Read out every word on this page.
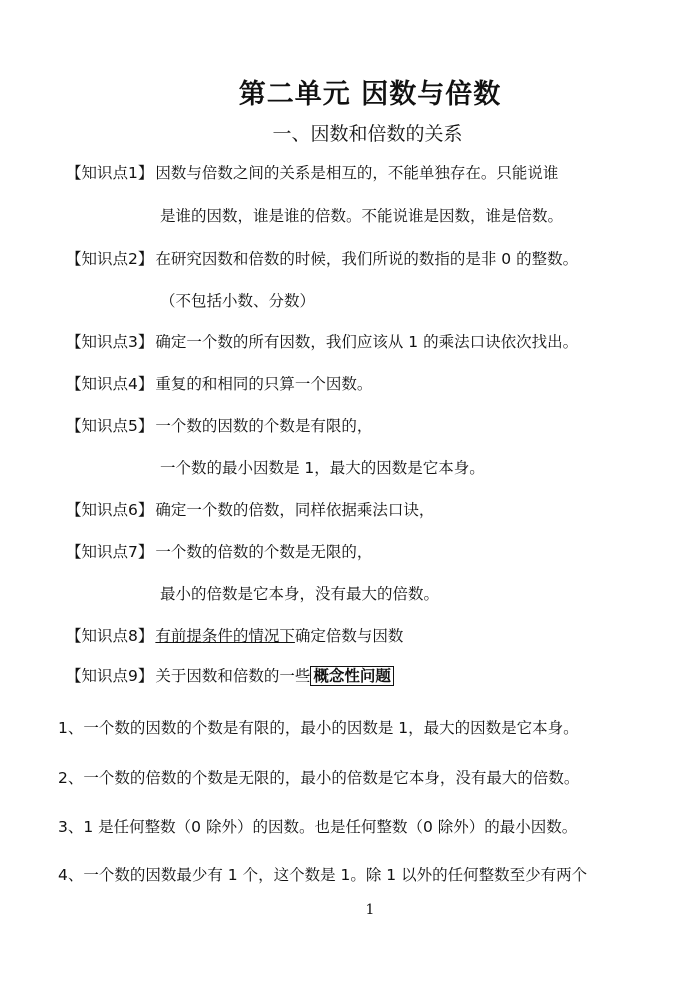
第二单元 因数与倍数
一、因数和倍数的关系
【知识点1】 因数与倍数之间的关系是相互的，不能单独存在。只能说谁
是谁的因数，谁是谁的倍数。不能说谁是因数，谁是倍数。
【知识点2】 在研究因数和倍数的时候，我们所说的数指的是非 0 的整数。
（不包括小数、分数）
【知识点3】 确定一个数的所有因数，我们应该从 1 的乘法口诀依次找出。
【知识点4】 重复的和相同的只算一个因数。
【知识点5】 一个数的因数的个数是有限的，
一个数的最小因数是 1，最大的因数是它本身。
【知识点6】 确定一个数的倍数，同样依据乘法口诀，
【知识点7】 一个数的倍数的个数是无限的，
最小的倍数是它本身，没有最大的倍数。
【知识点8】 有前提条件的情况下确定倍数与因数
【知识点9】 关于因数和倍数的一些 概念性问题
1、一个数的因数的个数是有限的，最小的因数是 1，最大的因数是它本身。
2、一个数的倍数的个数是无限的，最小的倍数是它本身，没有最大的倍数。
3、1 是任何整数（0 除外）的因数。也是任何整数（0 除外）的最小因数。
4、一个数的因数最少有 1 个，这个数是 1。除 1 以外的任何整数至少有两个
1
